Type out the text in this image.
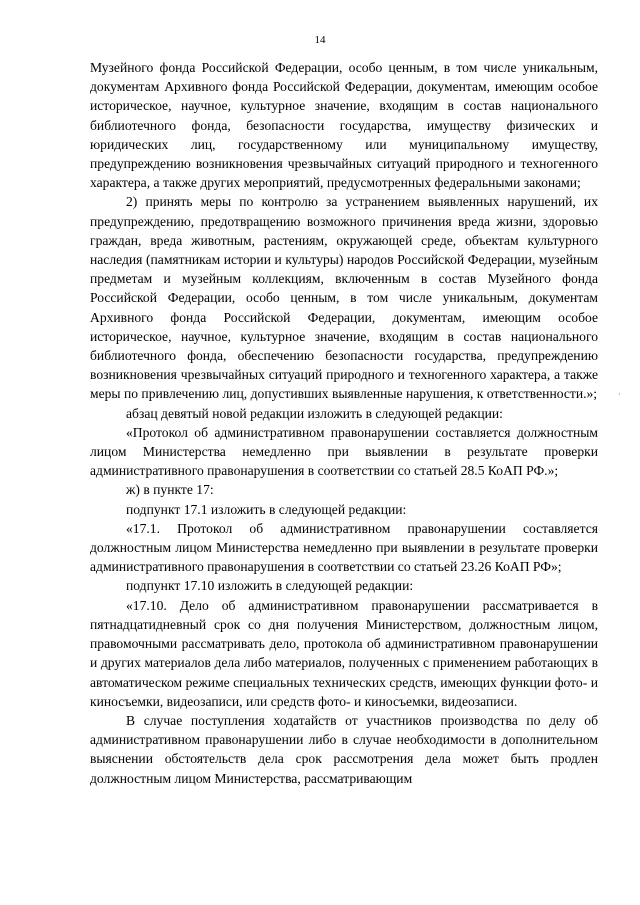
14

Музейного фонда Российской Федерации, особо ценным, в том числе уникальным, документам Архивного фонда Российской Федерации, документам, имеющим особое историческое, научное, культурное значение, входящим в состав национального библиотечного фонда, безопасности государства, имуществу физических и юридических лиц, государственному или муниципальному имуществу, предупреждению возникновения чрезвычайных ситуаций природного и техногенного характера, а также других мероприятий, предусмотренных федеральными законами;

2) принять меры по контролю за устранением выявленных нарушений, их предупреждению, предотвращению возможного причинения вреда жизни, здоровью граждан, вреда животным, растениям, окружающей среде, объектам культурного наследия (памятникам истории и культуры) народов Российской Федерации, музейным предметам и музейным коллекциям, включенным в состав Музейного фонда Российской Федерации, особо ценным, в том числе уникальным, документам Архивного фонда Российской Федерации, документам, имеющим особое историческое, научное, культурное значение, входящим в состав национального библиотечного фонда, обеспечению безопасности государства, предупреждению возникновения чрезвычайных ситуаций природного и техногенного характера, а также меры по привлечению лиц, допустивших выявленные нарушения, к ответственности.»;

абзац девятый новой редакции изложить в следующей редакции:

«Протокол об административном правонарушении составляется должностным лицом Министерства немедленно при выявлении в результате проверки административного правонарушения в соответствии со статьей 28.5 КоАП РФ.»;

ж) в пункте 17:

подпункт 17.1 изложить в следующей редакции:

«17.1. Протокол об административном правонарушении составляется должностным лицом Министерства немедленно при выявлении в результате проверки административного правонарушения в соответствии со статьей 23.26 КоАП РФ»;

подпункт 17.10 изложить в следующей редакции:

«17.10. Дело об административном правонарушении рассматривается в пятнадцатидневный срок со дня получения Министерством, должностным лицом, правомочными рассматривать дело, протокола об административном правонарушении и других материалов дела либо материалов, полученных с применением работающих в автоматическом режиме специальных технических средств, имеющих функции фото- и киносъемки, видеозаписи, или средств фото- и киносъемки, видеозаписи.

В случае поступления ходатайств от участников производства по делу об административном правонарушении либо в случае необходимости в дополнительном выяснении обстоятельств дела срок рассмотрения дела может быть продлен должностным лицом Министерства, рассматривающим

·
